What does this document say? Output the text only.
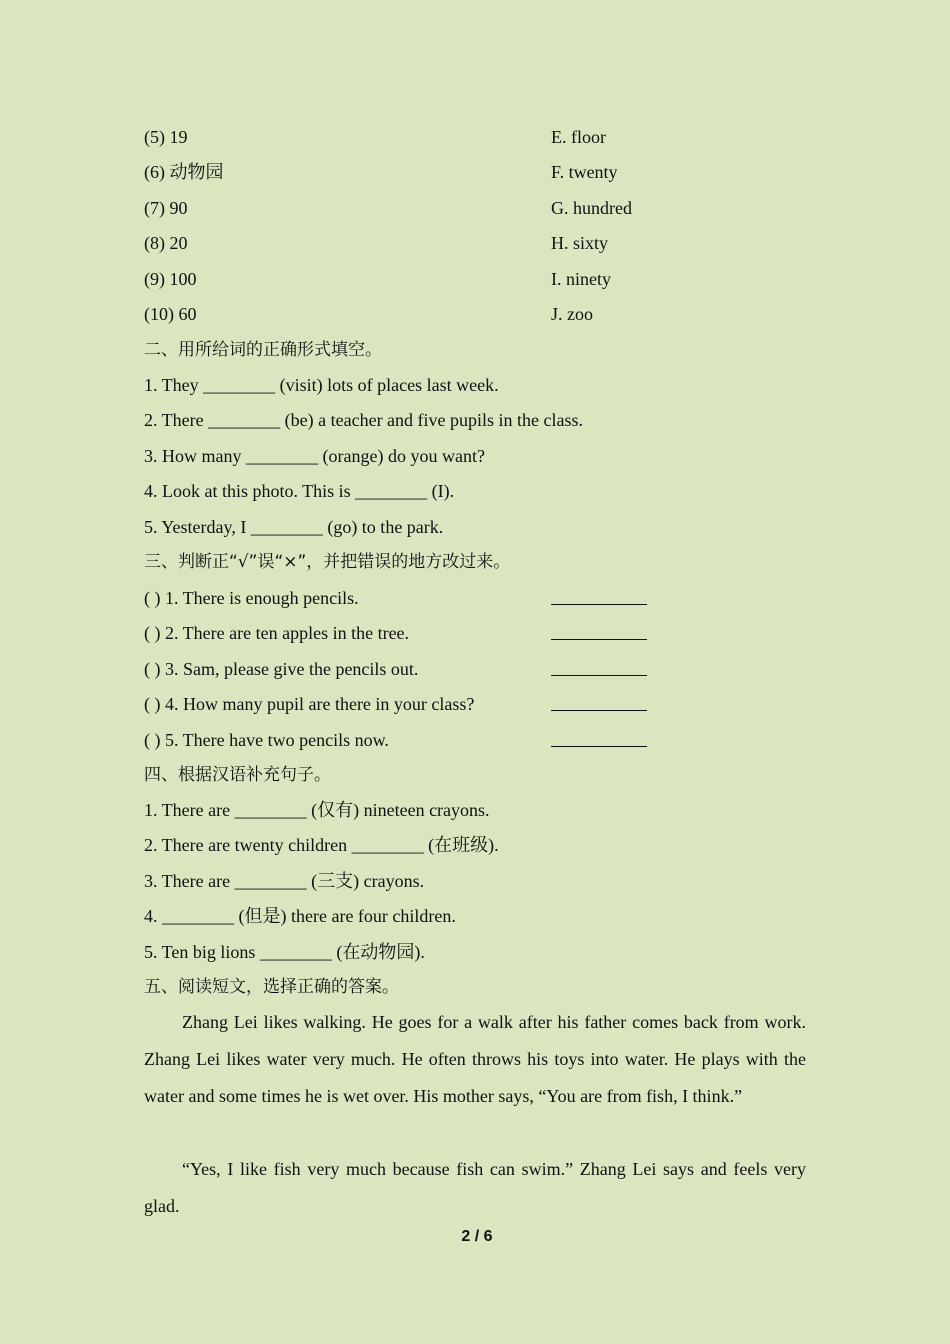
(5) 19	E. floor
(6) 动物园	F. twenty
(7) 90	G. hundred
(8) 20	H. sixty
(9) 100	I. ninety
(10) 60	J. zoo
二、用所给词的正确形式填空。
1. They ________ (visit) lots of places last week.
2. There ________ (be) a teacher and five pupils in the class.
3. How many ________ (orange) do you want?
4. Look at this photo. This is ________ (I).
5. Yesterday, I ________ (go) to the park.
三、判断正“√”误“×”，并把错误的地方改过来。
( ) 1. There is enough pencils.
( ) 2. There are ten apples in the tree.
( ) 3. Sam, please give the pencils out.
( ) 4. How many pupil are there in your class?
( ) 5. There have two pencils now.
四、根据汉语补充句子。
1. There are ________ (仅有) nineteen crayons.
2. There are twenty children ________ (在班级).
3. There are ________ (三支) crayons.
4. ________ (但是) there are four children.
5. Ten big lions ________ (在动物园).
五、阅读短文，选择正确的答案。
Zhang Lei likes walking. He goes for a walk after his father comes back from work. Zhang Lei likes water very much. He often throws his toys into water. He plays with the water and some times he is wet over. His mother says, “You are from fish, I think.”
“Yes, I like fish very much because fish can swim.” Zhang Lei says and feels very glad.
2 / 6
